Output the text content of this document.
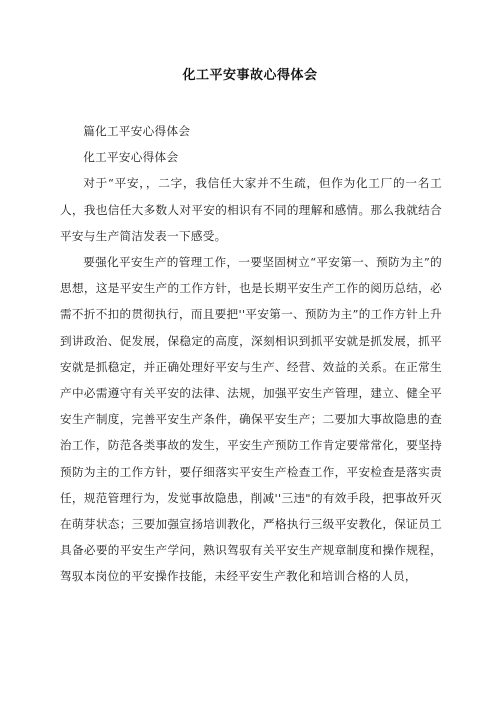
化工平安事故心得体会

篇化工平安心得体会

化工平安心得体会

对于“平安，，二字，我信任大家并不生疏，但作为化工厂的一名工人，我也信任大多数人对平安的相识有不同的理解和感情。那么我就结合平安与生产简洁发表一下感受。

要强化平安生产的管理工作，一要坚固树立“平安第一、预防为主”的思想，这是平安生产的工作方针，也是长期平安生产工作的阅历总结，必需不折不扣的贯彻执行，而且要把''平安第一、预防为主”的工作方针上升到讲政治、促发展，保稳定的高度，深刻相识到抓平安就是抓发展，抓平安就是抓稳定，并正确处理好平安与生产、经营、效益的关系。在正常生产中必需遵守有关平安的法律、法规，加强平安生产管理，建立、健全平安生产制度，完善平安生产条件，确保平安生产；二要加大事故隐患的查治工作，防范各类事故的发生，平安生产预防工作肯定要常常化，要坚持预防为主的工作方针，要仔细落实平安生产检查工作，平安检查是落实责任，规范管理行为，发觉事故隐患，削减''三违"的有效手段，把事故歼灭在萌芽状态；三要加强宣扬培训教化，严格执行三级平安教化，保证员工具备必要的平安生产学问，熟识驾驭有关平安生产规章制度和操作规程，驾驭本岗位的平安操作技能，未经平安生产教化和培训合格的人员，
